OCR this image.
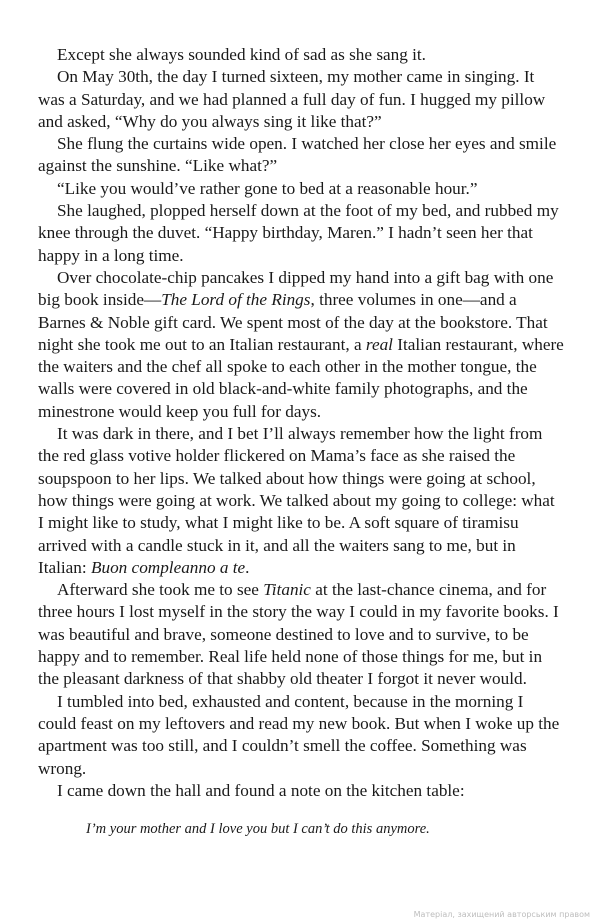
Except she always sounded kind of sad as she sang it.

On May 30th, the day I turned sixteen, my mother came in singing. It was a Saturday, and we had planned a full day of fun. I hugged my pillow and asked, “Why do you always sing it like that?”

She flung the curtains wide open. I watched her close her eyes and smile against the sunshine. “Like what?”

“Like you would’ve rather gone to bed at a reasonable hour.”

She laughed, plopped herself down at the foot of my bed, and rubbed my knee through the duvet. “Happy birthday, Maren.” I hadn’t seen her that happy in a long time.

Over chocolate-chip pancakes I dipped my hand into a gift bag with one big book inside—The Lord of the Rings, three volumes in one—and a Barnes & Noble gift card. We spent most of the day at the bookstore. That night she took me out to an Italian restaurant, a real Italian restaurant, where the waiters and the chef all spoke to each other in the mother tongue, the walls were covered in old black-and-white family photographs, and the minestrone would keep you full for days.

It was dark in there, and I bet I’ll always remember how the light from the red glass votive holder flickered on Mama’s face as she raised the soupspoon to her lips. We talked about how things were going at school, how things were going at work. We talked about my going to college: what I might like to study, what I might like to be. A soft square of tiramisu arrived with a candle stuck in it, and all the waiters sang to me, but in Italian: Buon compleanno a te.

Afterward she took me to see Titanic at the last-chance cinema, and for three hours I lost myself in the story the way I could in my favorite books. I was beautiful and brave, someone destined to love and to survive, to be happy and to remember. Real life held none of those things for me, but in the pleasant darkness of that shabby old theater I forgot it never would.

I tumbled into bed, exhausted and content, because in the morning I could feast on my leftovers and read my new book. But when I woke up the apartment was too still, and I couldn’t smell the coffee. Something was wrong.

I came down the hall and found a note on the kitchen table:

I’m your mother and I love you but I can’t do this anymore.

Матеріал, захищений авторським правом
